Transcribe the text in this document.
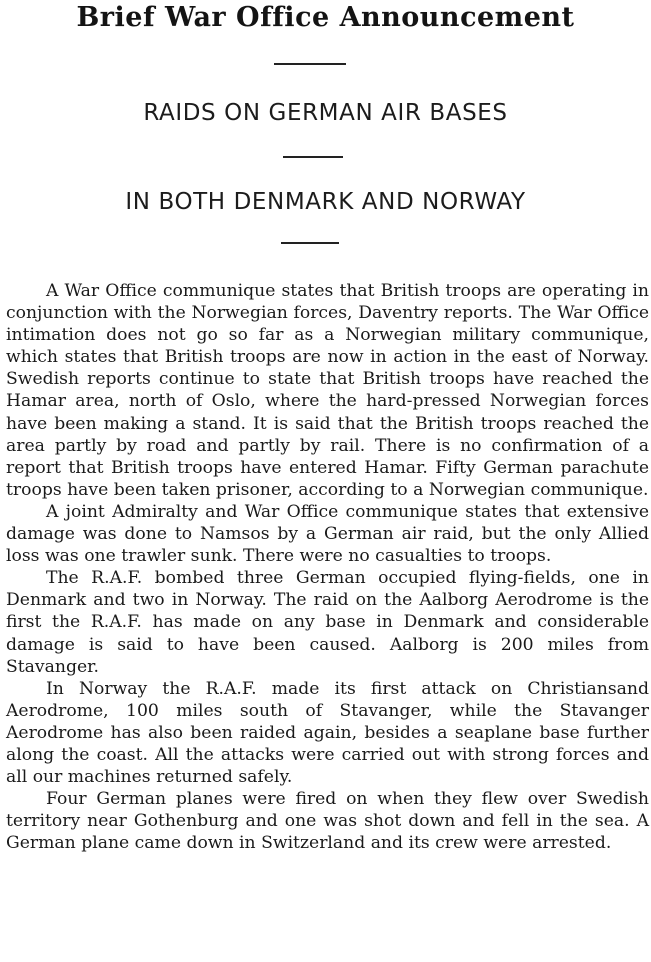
Brief War Office Announcement
RAIDS ON GERMAN AIR BASES
IN BOTH DENMARK AND NORWAY

A War Office communique states that British troops are operating in conjunction with the Norwegian forces, Daventry reports. The War Office intimation does not go so far as a Norwegian military communique, which states that British troops are now in action in the east of Norway. Swedish reports continue to state that British troops have reached the Hamar area, north of Oslo, where the hard-pressed Norwegian forces have been making a stand. It is said that the British troops reached the area partly by road and partly by rail. There is no confirmation of a report that British troops have entered Hamar. Fifty German parachute troops have been taken prisoner, according to a Norwegian communique.

A joint Admiralty and War Office communique states that extensive damage was done to Namsos by a German air raid, but the only Allied loss was one trawler sunk. There were no casualties to troops.

The R.A.F. bombed three German occupied flying-fields, one in Denmark and two in Norway. The raid on the Aalborg Aerodrome is the first the R.A.F. has made on any base in Denmark and considerable damage is said to have been caused. Aalborg is 200 miles from Stavanger.

In Norway the R.A.F. made its first attack on Christiansand Aerodrome, 100 miles south of Stavanger, while the Stavanger Aerodrome has also been raided again, besides a seaplane base further along the coast. All the attacks were carried out with strong forces and all our machines returned safely.

Four German planes were fired on when they flew over Swedish territory near Gothenburg and one was shot down and fell in the sea. A German plane came down in Switzerland and its crew were arrested.
